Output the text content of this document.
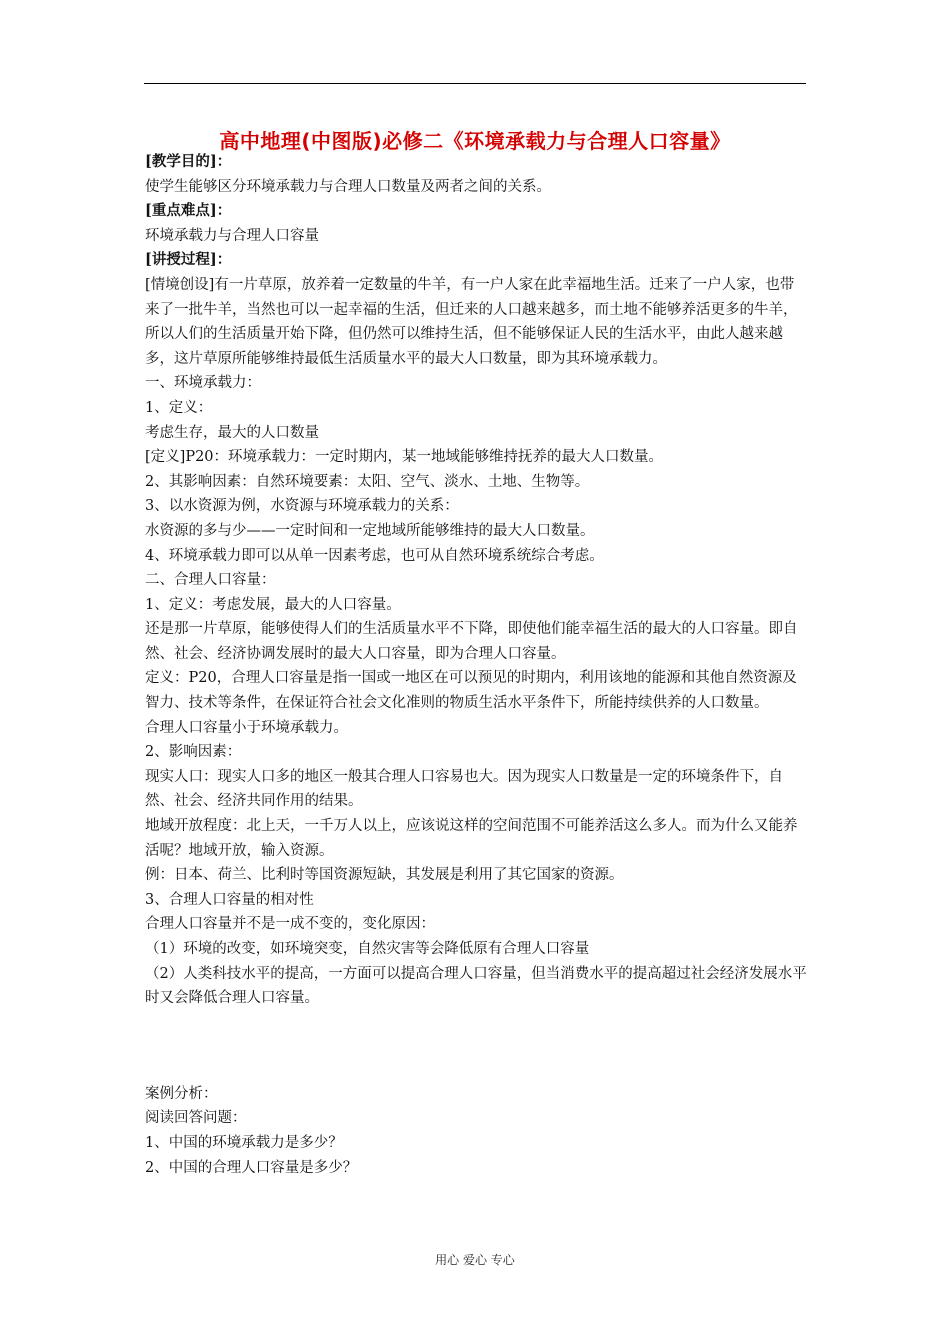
高中地理(中图版)必修二《环境承载力与合理人口容量》

[教学目的]：

使学生能够区分环境承载力与合理人口数量及两者之间的关系。

[重点难点]：

环境承载力与合理人口容量

[讲授过程]：

[情境创设]有一片草原，放养着一定数量的牛羊，有一户人家在此幸福地生活。迁来了一户人家，也带来了一批牛羊，当然也可以一起幸福的生活，但迁来的人口越来越多，而土地不能够养活更多的牛羊，所以人们的生活质量开始下降，但仍然可以维持生活，但不能够保证人民的生活水平，由此人越来越多，这片草原所能够维持最低生活质量水平的最大人口数量，即为其环境承载力。

一、环境承载力：

1、定义：

考虑生存，最大的人口数量

[定义]P20：环境承载力：一定时期内，某一地域能够维持抚养的最大人口数量。

2、其影响因素：自然环境要素：太阳、空气、淡水、土地、生物等。

3、以水资源为例，水资源与环境承载力的关系：

水资源的多与少——一定时间和一定地域所能够维持的最大人口数量。

4、环境承载力即可以从单一因素考虑，也可从自然环境系统综合考虑。

二、合理人口容量：

1、定义：考虑发展，最大的人口容量。

还是那一片草原，能够使得人们的生活质量水平不下降，即使他们能幸福生活的最大的人口容量。即自然、社会、经济协调发展时的最大人口容量，即为合理人口容量。

定义：P20，合理人口容量是指一国或一地区在可以预见的时期内，利用该地的能源和其他自然资源及智力、技术等条件，在保证符合社会文化准则的物质生活水平条件下，所能持续供养的人口数量。

合理人口容量小于环境承载力。

2、影响因素：

现实人口：现实人口多的地区一般其合理人口容易也大。因为现实人口数量是一定的环境条件下，自然、社会、经济共同作用的结果。

地域开放程度：北上天，一千万人以上，应该说这样的空间范围不可能养活这么多人。而为什么又能养活呢？地域开放，输入资源。

例：日本、荷兰、比利时等国资源短缺，其发展是利用了其它国家的资源。

3、合理人口容量的相对性

合理人口容量并不是一成不变的，变化原因：

（1）环境的改变，如环境突变，自然灾害等会降低原有合理人口容量

（2）人类科技水平的提高，一方面可以提高合理人口容量，但当消费水平的提高超过社会经济发展水平时又会降低合理人口容量。

案例分析：

阅读回答问题：

1、中国的环境承载力是多少？

2、中国的合理人口容量是多少？

用心 爱心 专心
